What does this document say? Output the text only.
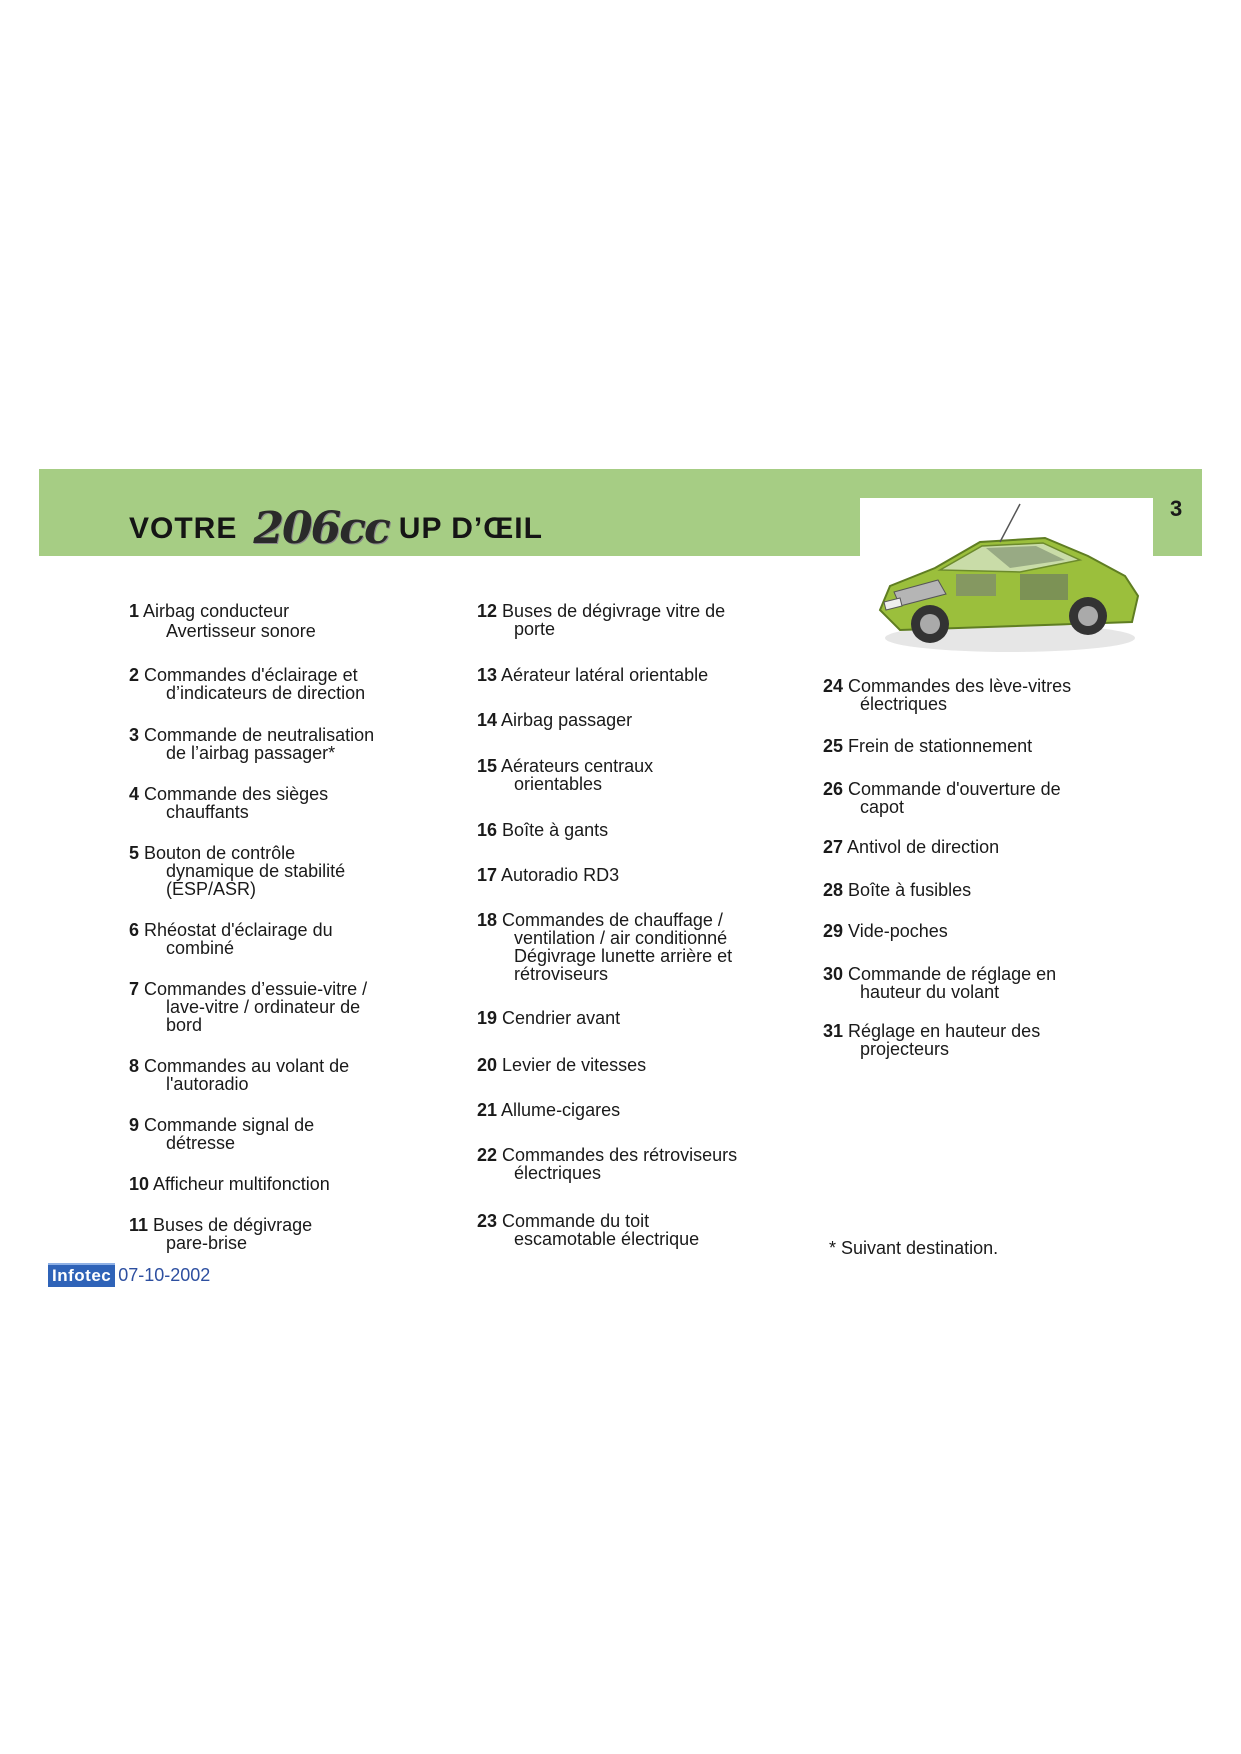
VOTRE 206cc UP D’ŒIL
3
1 Airbag conducteur
Avertisseur sonore
2 Commandes d'éclairage et
d’indicateurs de direction
3 Commande de neutralisation
de l’airbag passager*
4 Commande des sièges
chauffants
5 Bouton de contrôle
dynamique de stabilité
(ESP/ASR)
6 Rhéostat d'éclairage du
combiné
7 Commandes d’essuie-vitre /
lave-vitre / ordinateur de
bord
8 Commandes au volant de
l'autoradio
9 Commande signal de
détresse
10 Afficheur multifonction
11 Buses de dégivrage
pare-brise
12 Buses de dégivrage vitre de
porte
13 Aérateur latéral orientable
14 Airbag passager
15 Aérateurs centraux
orientables
16 Boîte à gants
17 Autoradio RD3
18 Commandes de chauffage /
ventilation / air conditionné
Dégivrage lunette arrière et
rétroviseurs
19 Cendrier avant
20 Levier de vitesses
21 Allume-cigares
22 Commandes des rétroviseurs
électriques
23 Commande du toit
escamotable électrique
24 Commandes des lève-vitres
électriques
25 Frein de stationnement
26 Commande d'ouverture de
capot
27 Antivol de direction
28 Boîte à fusibles
29 Vide-poches
30 Commande de réglage en
hauteur du volant
31 Réglage en hauteur des
projecteurs
* Suivant destination.
Infotec 07-10-2002
